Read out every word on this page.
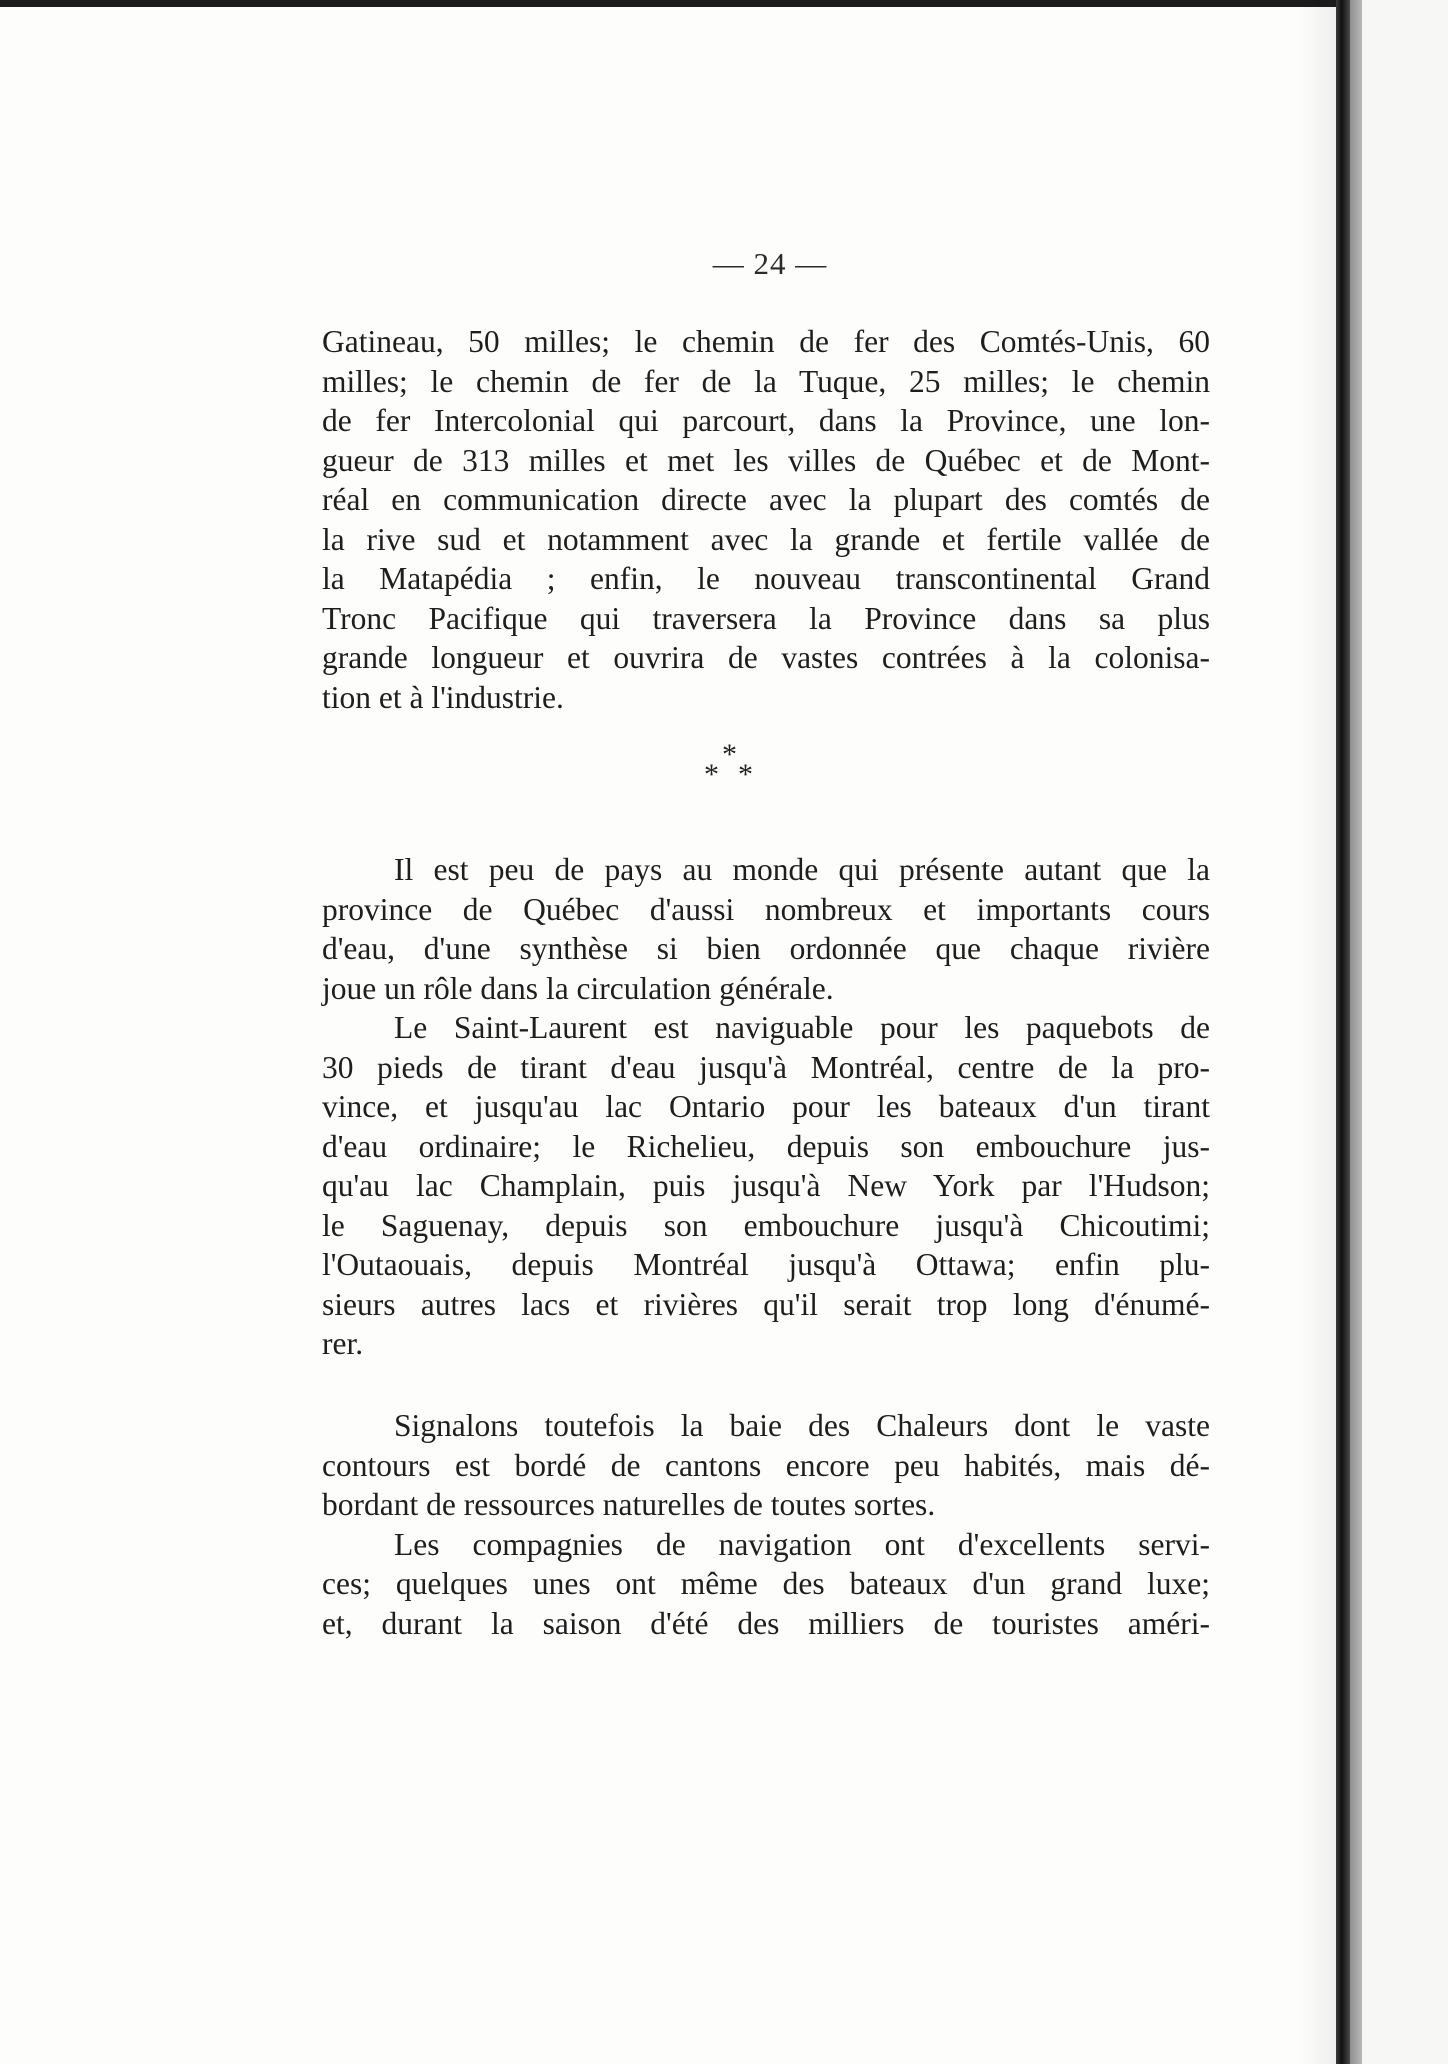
— 24 —
Gatineau, 50 milles; le chemin de fer des Comtés-Unis, 60
milles; le chemin de fer de la Tuque, 25 milles; le chemin
de fer Intercolonial qui parcourt, dans la Province, une lon-
gueur de 313 milles et met les villes de Québec et de Mont-
réal en communication directe avec la plupart des comtés de
la rive sud et notamment avec la grande et fertile vallée de
la Matapédia ; enfin, le nouveau transcontinental Grand
Tronc Pacifique qui traversera la Province dans sa plus
grande longueur et ouvrira de vastes contrées à la colonisa-
tion et à l'industrie.
*
* *
Il est peu de pays au monde qui présente autant que la
province de Québec d'aussi nombreux et importants cours
d'eau, d'une synthèse si bien ordonnée que chaque rivière
joue un rôle dans la circulation générale.
Le Saint-Laurent est naviguable pour les paquebots de
30 pieds de tirant d'eau jusqu'à Montréal, centre de la pro-
vince, et jusqu'au lac Ontario pour les bateaux d'un tirant
d'eau ordinaire; le Richelieu, depuis son embouchure jus-
qu'au lac Champlain, puis jusqu'à New York par l'Hudson;
le Saguenay, depuis son embouchure jusqu'à Chicoutimi;
l'Outaouais, depuis Montréal jusqu'à Ottawa; enfin plu-
sieurs autres lacs et rivières qu'il serait trop long d'énumé-
rer.
Signalons toutefois la baie des Chaleurs dont le vaste
contours est bordé de cantons encore peu habités, mais dé-
bordant de ressources naturelles de toutes sortes.
Les compagnies de navigation ont d'excellents servi-
ces; quelques unes ont même des bateaux d'un grand luxe;
et, durant la saison d'été des milliers de touristes améri-
